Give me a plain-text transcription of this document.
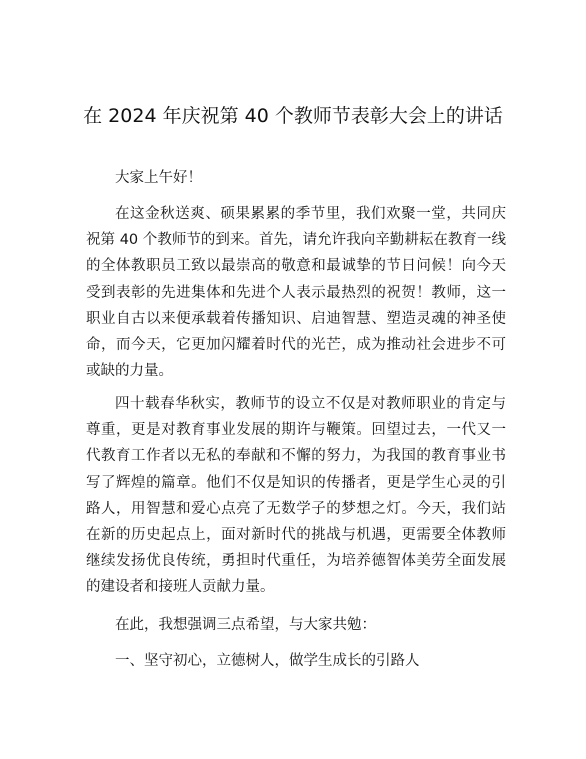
在 2024 年庆祝第 40 个教师节表彰大会上的讲话

大家上午好！

在这金秋送爽、硕果累累的季节里，我们欢聚一堂，共同庆祝第 40 个教师节的到来。首先，请允许我向辛勤耕耘在教育一线的全体教职员工致以最崇高的敬意和最诚挚的节日问候！向今天受到表彰的先进集体和先进个人表示最热烈的祝贺！教师，这一职业自古以来便承载着传播知识、启迪智慧、塑造灵魂的神圣使命，而今天，它更加闪耀着时代的光芒，成为推动社会进步不可或缺的力量。

四十载春华秋实，教师节的设立不仅是对教师职业的肯定与尊重，更是对教育事业发展的期许与鞭策。回望过去，一代又一代教育工作者以无私的奉献和不懈的努力，为我国的教育事业书写了辉煌的篇章。他们不仅是知识的传播者，更是学生心灵的引路人，用智慧和爱心点亮了无数学子的梦想之灯。今天，我们站在新的历史起点上，面对新时代的挑战与机遇，更需要全体教师继续发扬优良传统，勇担时代重任，为培养德智体美劳全面发展的建设者和接班人贡献力量。

在此，我想强调三点希望，与大家共勉：

一、坚守初心，立德树人，做学生成长的引路人
